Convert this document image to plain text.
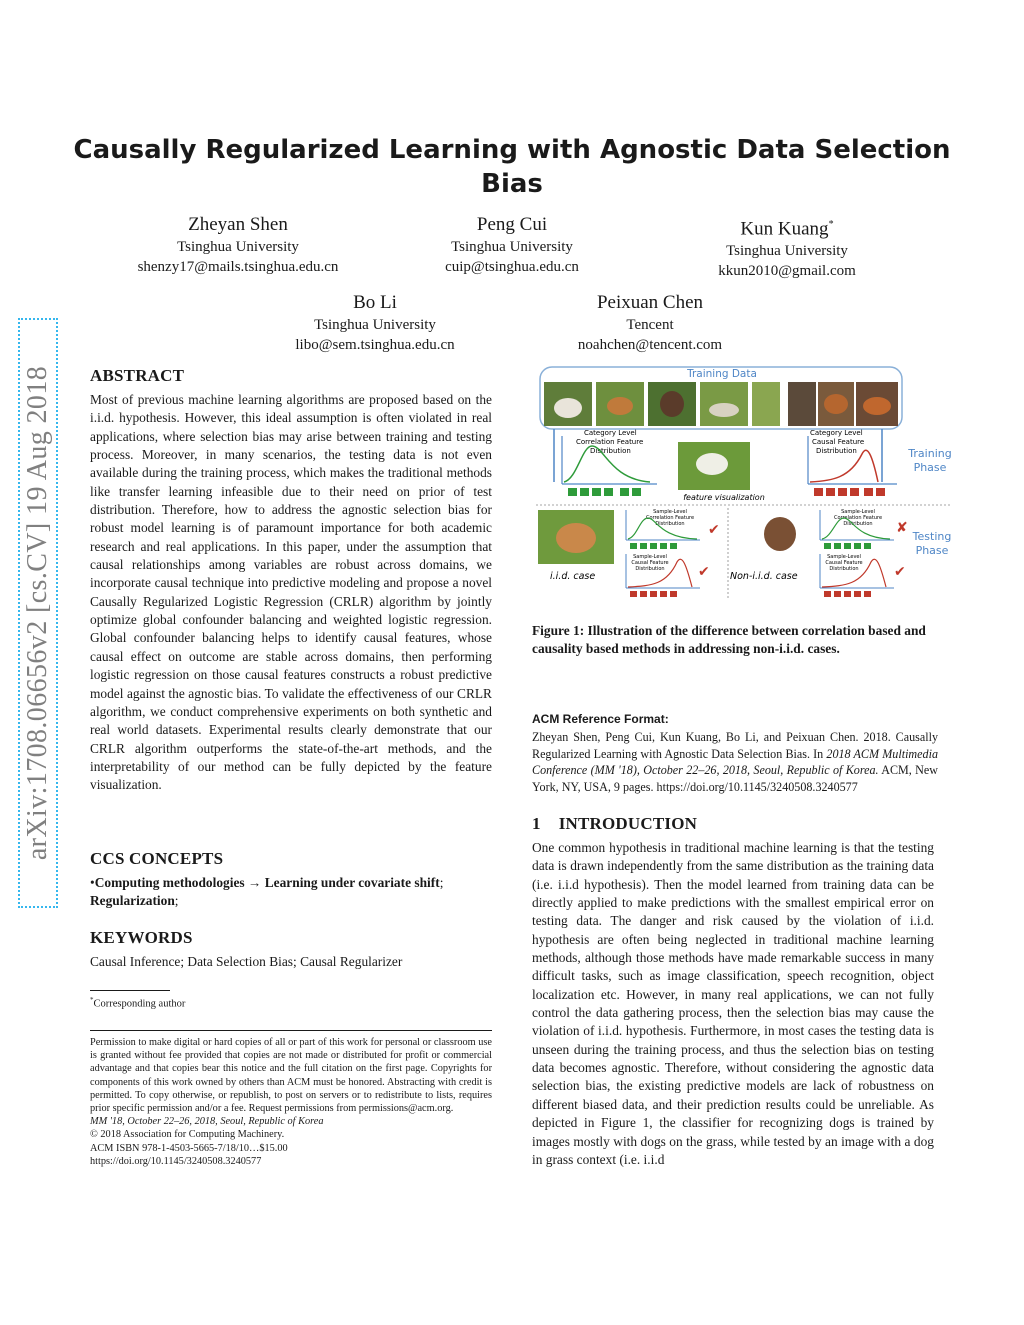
arXiv:1708.06656v2 [cs.CV] 19 Aug 2018
Causally Regularized Learning with Agnostic Data Selection
Bias
Zheyan Shen
Tsinghua University
shenzy17@mails.tsinghua.edu.cn
Peng Cui
Tsinghua University
cuip@tsinghua.edu.cn
Kun Kuang*
Tsinghua University
kkun2010@gmail.com
Bo Li
Tsinghua University
libo@sem.tsinghua.edu.cn
Peixuan Chen
Tencent
noahchen@tencent.com
ABSTRACT
Most of previous machine learning algorithms are proposed based on the i.i.d. hypothesis. However, this ideal assumption is often violated in real applications, where selection bias may arise between training and testing process. Moreover, in many scenarios, the testing data is not even available during the training process, which makes the traditional methods like transfer learning infeasible due to their need on prior of test distribution. Therefore, how to address the agnostic selection bias for robust model learning is of paramount importance for both academic research and real applications. In this paper, under the assumption that causal relationships among variables are robust across domains, we incorporate causal technique into predictive modeling and propose a novel Causally Regularized Logistic Regression (CRLR) algorithm by jointly optimize global confounder balancing and weighted logistic regression. Global confounder balancing helps to identify causal features, whose causal effect on outcome are stable across domains, then performing logistic regression on those causal features constructs a robust predictive model against the agnostic bias. To validate the effectiveness of our CRLR algorithm, we conduct comprehensive experiments on both synthetic and real world datasets. Experimental results clearly demonstrate that our CRLR algorithm outperforms the state-of-the-art methods, and the interpretability of our method can be fully depicted by the feature visualization.
CCS CONCEPTS
•Computing methodologies → Learning under covariate shift;
Regularization;
KEYWORDS
Causal Inference; Data Selection Bias; Causal Regularizer
*Corresponding author
Permission to make digital or hard copies of all or part of this work for personal or classroom use is granted without fee provided that copies are not made or distributed for profit or commercial advantage and that copies bear this notice and the full citation on the first page. Copyrights for components of this work owned by others than ACM must be honored. Abstracting with credit is permitted. To copy otherwise, or republish, to post on servers or to redistribute to lists, requires prior specific permission and/or a fee. Request permissions from permissions@acm.org.
MM '18, October 22–26, 2018, Seoul, Republic of Korea
© 2018 Association for Computing Machinery.
ACM ISBN 978-1-4503-5665-7/18/10…$15.00
https://doi.org/10.1145/3240508.3240577
Training Data
Category Level
Correlation Feature
Distribution
feature visualization
Category Level
Causal Feature
Distribution	Training
Phase
i.i.d. case
Sample-Level
Correlation Feature
Distribution ✔
Sample-Level
Causal Feature
Distribution ✔ Non-i.i.d. case
Sample-Level
Correlation Feature
Distribution ✘
Sample-Level
Causal Feature
Distribution	✔
Testing
Phase
Figure 1: Illustration of the difference between correlation based and causality based methods in addressing non-i.i.d. cases.
ACM Reference Format:
Zheyan Shen, Peng Cui, Kun Kuang, Bo Li, and Peixuan Chen. 2018. Causally Regularized Learning with Agnostic Data Selection Bias. In 2018 ACM Multimedia Conference (MM '18), October 22–26, 2018, Seoul, Republic of Korea. ACM, New York, NY, USA, 9 pages. https://doi.org/10.1145/3240508.3240577
1 INTRODUCTION
One common hypothesis in traditional machine learning is that the testing data is drawn independently from the same distribution as the training data (i.e. i.i.d hypothesis). Then the model learned from training data can be directly applied to make predictions with the smallest empirical error on testing data. The danger and risk caused by the violation of i.i.d. hypothesis are often being neglected in traditional machine learning methods, although those methods have made remarkable success in many difficult tasks, such as image classification, speech recognition, object localization etc. However, in many real applications, we can not fully control the data gathering process, then the selection bias may cause the violation of i.i.d. hypothesis. Furthermore, in most cases the testing data is unseen during the training process, and thus the selection bias on testing data becomes agnostic. Therefore, without considering the agnostic data selection bias, the existing predictive models are lack of robustness on different biased data, and their prediction results could be unreliable. As depicted in Figure 1, the classifier for recognizing dogs is trained by images mostly with dogs on the grass, while tested by an image with a dog in grass context (i.e. i.i.d
